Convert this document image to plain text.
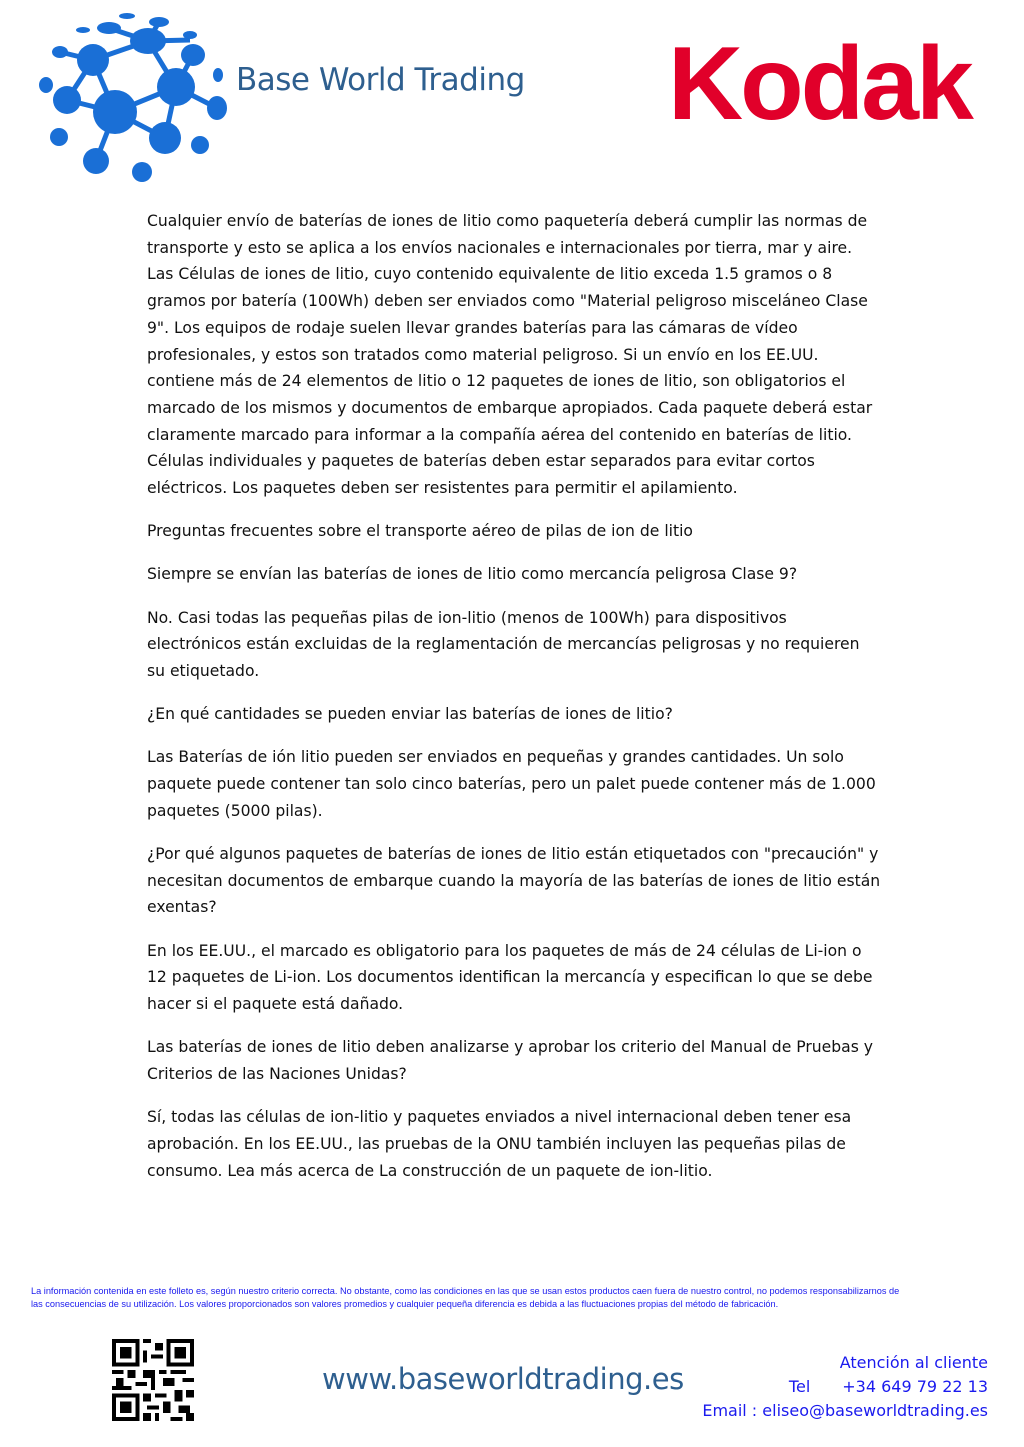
Base World Trading Kodak

Cualquier envío de baterías de iones de litio como paquetería deberá cumplir las normas de transporte y esto se aplica a los envíos nacionales e internacionales por tierra, mar y aire. Las Células de iones de litio, cuyo contenido equivalente de litio exceda 1.5 gramos o 8 gramos por batería (100Wh) deben ser enviados como "Material peligroso misceláneo Clase 9". Los equipos de rodaje suelen llevar grandes baterías para las cámaras de vídeo profesionales, y estos son tratados como material peligroso. Si un envío en los EE.UU. contiene más de 24 elementos de litio o 12 paquetes de iones de litio, son obligatorios el marcado de los mismos y documentos de embarque apropiados. Cada paquete deberá estar claramente marcado para informar a la compañía aérea del contenido en baterías de litio. Células individuales y paquetes de baterías deben estar separados para evitar cortos eléctricos. Los paquetes deben ser resistentes para permitir el apilamiento.

Preguntas frecuentes sobre el transporte aéreo de pilas de ion de litio

Siempre se envían las baterías de iones de litio como mercancía peligrosa Clase 9?

No. Casi todas las pequeñas pilas de ion-litio (menos de 100Wh) para dispositivos electrónicos están excluidas de la reglamentación de mercancías peligrosas y no requieren su etiquetado.

¿En qué cantidades se pueden enviar las baterías de iones de litio?

Las Baterías de ión litio pueden ser enviados en pequeñas y grandes cantidades. Un solo paquete puede contener tan solo cinco baterías, pero un palet puede contener más de 1.000 paquetes (5000 pilas).

¿Por qué algunos paquetes de baterías de iones de litio están etiquetados con "precaución" y necesitan documentos de embarque cuando la mayoría de las baterías de iones de litio están exentas?

En los EE.UU., el marcado es obligatorio para los paquetes de más de 24 células de Li-ion o 12 paquetes de Li-ion. Los documentos identifican la mercancía y especifican lo que se debe hacer si el paquete está dañado.

Las baterías de iones de litio deben analizarse y aprobar los criterio del Manual de Pruebas y Criterios de las Naciones Unidas?

Sí, todas las células de ion-litio y paquetes enviados a nivel internacional deben tener esa aprobación. En los EE.UU., las pruebas de la ONU también incluyen las pequeñas pilas de consumo. Lea más acerca de La construcción de un paquete de ion-litio.

La información contenida en este folleto es, según nuestro criterio correcta. No obstante, como las condiciones en las que se usan estos productos caen fuera de nuestro control, no podemos responsabilizarnos de
las consecuencias de su utilización. Los valores proporcionados son valores promedios y cualquier pequeña diferencia es debida a las fluctuaciones propias del método de fabricación.
www.baseworldtrading.es	Atención al cliente
Tel +34 649 79 22 13
Email : eliseo@baseworldtrading.es
